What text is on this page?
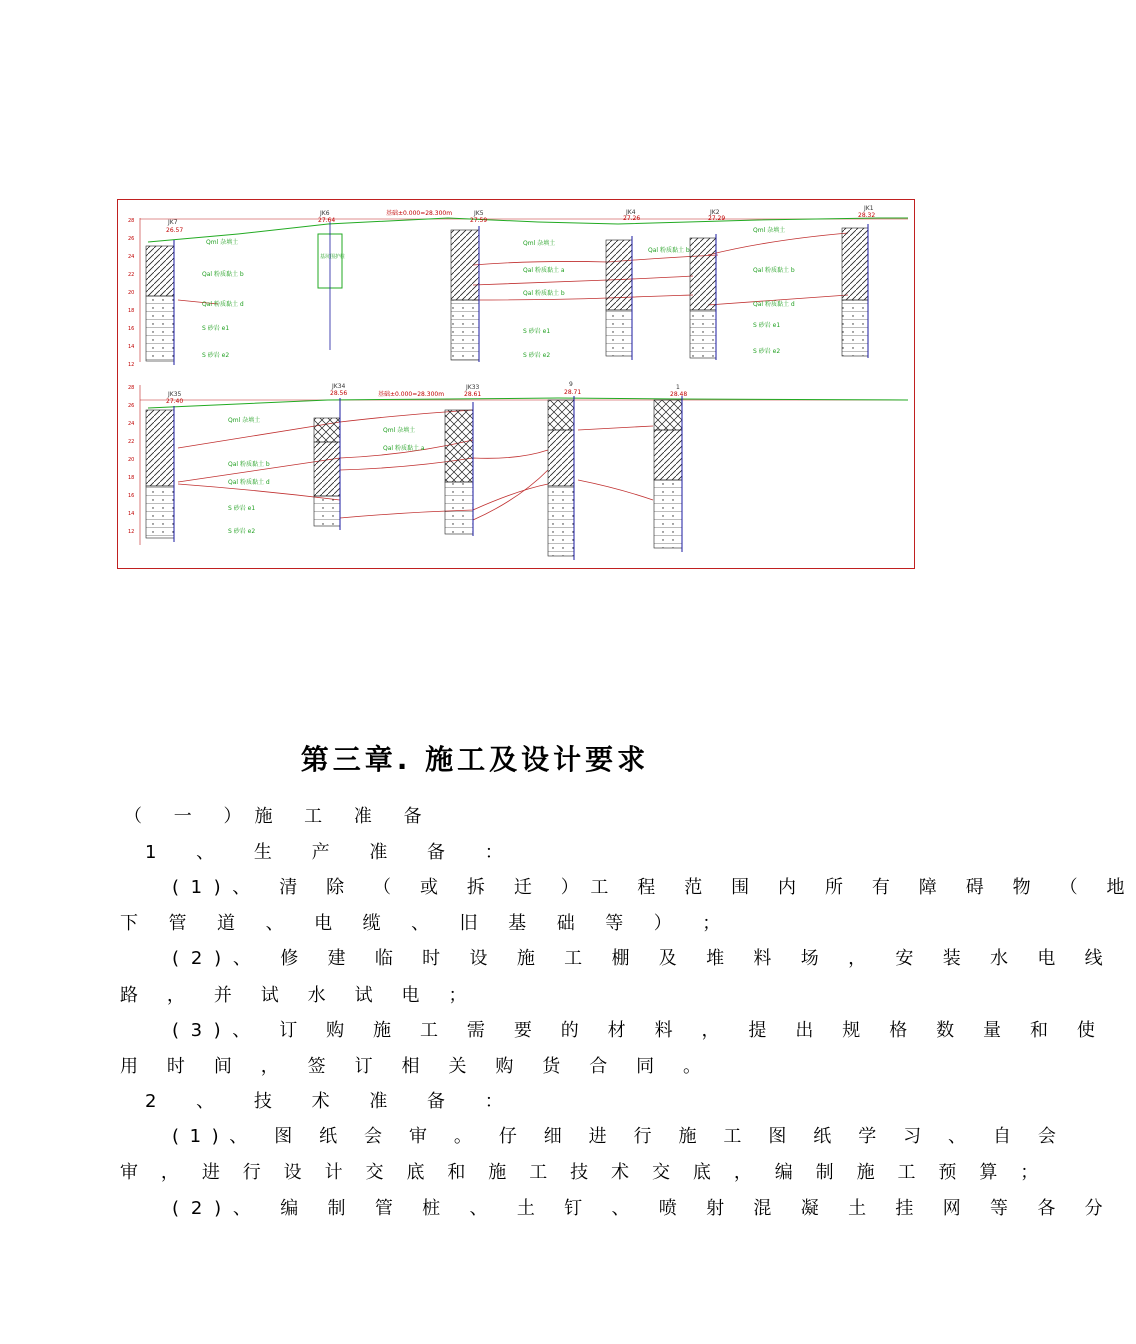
28
26
24
22
20
18
16
14
12
基础±0.000=28.300m
JK7
26.57
JK6
27.64
基坑围护桩
JK5
27.59
JK4
27.26
JK2
27.29
JK1
28.32
Qml 杂填土
Qal 粉质黏土 b
Qal 粉质黏土 d
S 砂岩 e1
S 砂岩 e2
Qml 杂填土
Qal 粉质黏土 a
Qal 粉质黏土 b
S 砂岩 e1
S 砂岩 e2
Qal 粉质黏土 b
Qml 杂填土
Qal 粉质黏土 b
Qal 粉质黏土 d
S 砂岩 e1
S 砂岩 e2
28
26
24
22
20
18
16
14
12
基础±0.000=28.300m
JK35
27.40
JK34
28.56
JK33
28.61
9
28.71
1
28.48
Qml 杂填土
Qal 粉质黏土 b
Qal 粉质黏土 d
S 砂岩 e1
S 砂岩 e2
Qml 杂填土
Qal 粉质黏土 a
第三章. 施工及设计要求

（ 一 ）施 工 准 备

1 、 生 产 准 备 ：

(1)、 清 除 （ 或 拆 迁 ）工 程 范 围 内 所 有 障 碍 物 （ 地

下 管 道 、 电 缆 、 旧 基 础 等 ） ；

(2)、 修 建 临 时 设 施 工 棚 及 堆 料 场 ， 安 装 水 电 线

路 ， 并 试 水 试 电 ；

(3)、 订 购 施 工 需 要 的 材 料 ， 提 出 规 格 数 量 和 使

用 时 间 ， 签 订 相 关 购 货 合 同 。

2 、 技 术 准 备 ：

(1)、 图 纸 会 审 。 仔 细 进 行 施 工 图 纸 学 习 、 自 会

审 ， 进 行 设 计 交 底 和 施 工 技 术 交 底 ， 编 制 施 工 预 算 ；

(2)、 编 制 管 桩 、 土 钉 、 喷 射 混 凝 土 挂 网 等 各 分
